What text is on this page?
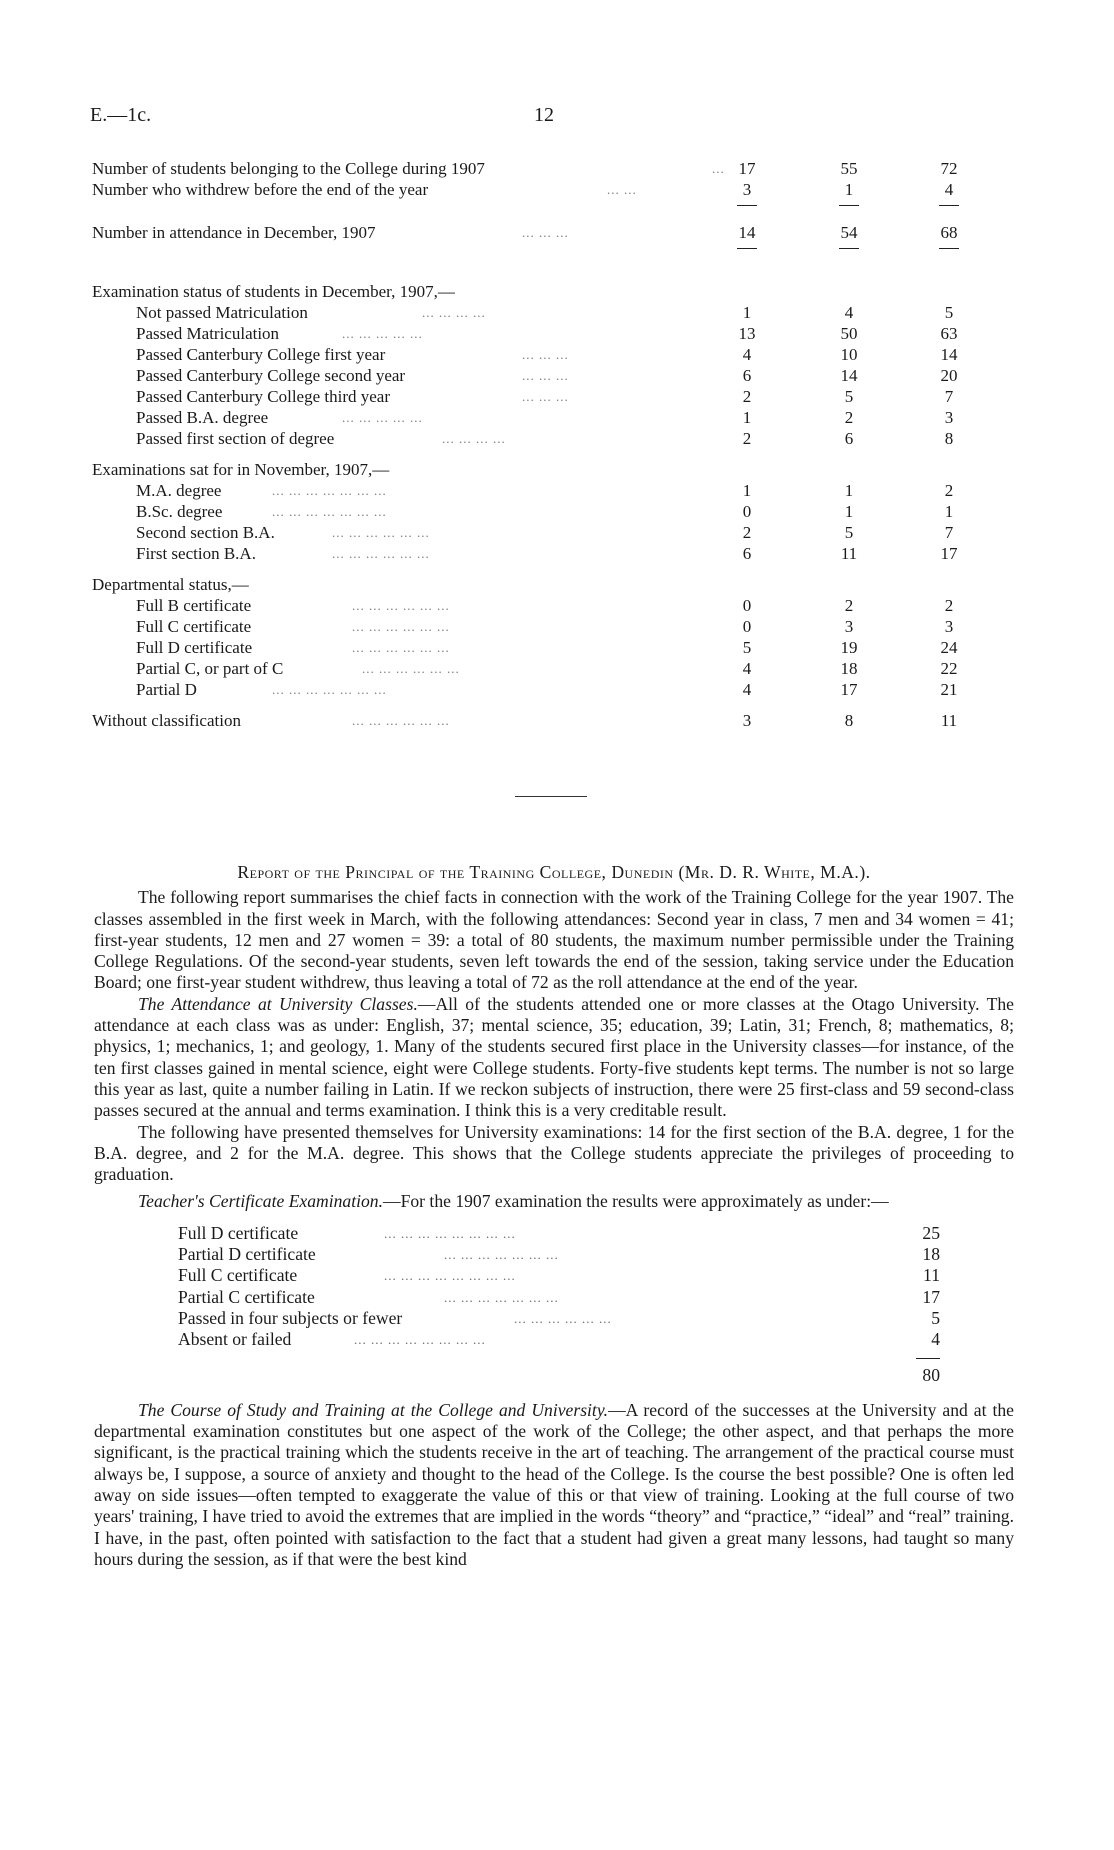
E.—1c.	12
Number of students belonging to the College during 1907	... 17	55	72
Number who withdrew before the end of the year	... ...	3	1	4
Number in attendance in December, 1907	... ... ...	14	54	68
Examination status of students in December, 1907,—
Not passed Matriculation	... ... ... ...	1	4	5
Passed Matriculation	... ... ... ... ...	13	50	63
Passed Canterbury College first year	... ... ...	4	10	14
Passed Canterbury College second year	... ... ...	6	14	20
Passed Canterbury College third year	... ... ...	2	5	7
Passed B.A. degree	... ... ... ... ...	1	2	3
Passed first section of degree	... ... ... ...	2	6	8
Examinations sat for in November, 1907,—
M.A. degree	... ... ... ... ... ... ...	1	1	2
B.Sc. degree	... ... ... ... ... ... ...	0	1	1
Second section B.A.	... ... ... ... ... ...	2	5	7
First section B.A.	... ... ... ... ... ...	6	11	17
Departmental status,—
Full B certificate	... ... ... ... ... ...	0	2	2
Full C certificate	... ... ... ... ... ...	0	3	3
Full D certificate	... ... ... ... ... ...	5	19	24
Partial C, or part of C	... ... ... ... ... ...	4	18	22
Partial D	... ... ... ... ... ... ...	4	17	21
Without classification	... ... ... ... ... ...	3	8	11

Report of the Principal of the Training College, Dunedin (Mr. D. R. White, M.A.).

The following report summarises the chief facts in connection with the work of the Training College for the year 1907. The classes assembled in the first week in March, with the following attendances: Second year in class, 7 men and 34 women = 41; first-year students, 12 men and 27 women = 39: a total of 80 students, the maximum number permissible under the Training College Regulations. Of the second-year students, seven left towards the end of the session, taking service under the Education Board; one first-year student withdrew, thus leaving a total of 72 as the roll attendance at the end of the year.

The Attendance at University Classes.—All of the students attended one or more classes at the Otago University. The attendance at each class was as under: English, 37; mental science, 35; education, 39; Latin, 31; French, 8; mathematics, 8; physics, 1; mechanics, 1; and geology, 1. Many of the students secured first place in the University classes—for instance, of the ten first classes gained in mental science, eight were College students. Forty-five students kept terms. The number is not so large this year as last, quite a number failing in Latin. If we reckon subjects of instruction, there were 25 first-class and 59 second-class passes secured at the annual and terms examination. I think this is a very creditable result.

The following have presented themselves for University examinations: 14 for the first section of the B.A. degree, 1 for the B.A. degree, and 2 for the M.A. degree. This shows that the College students appreciate the privileges of proceeding to graduation.

Teacher's Certificate Examination.—For the 1907 examination the results were approximately as under:—

Full D certificate	... ... ... ... ... ... ... ...	25
Partial D certificate	... ... ... ... ... ... ...	18
Full C certificate	... ... ... ... ... ... ... ...	11
Partial C certificate	... ... ... ... ... ... ...	17
Passed in four subjects or fewer	... ... ... ... ... ...	5
Absent or failed	... ... ... ... ... ... ... ...	4
80

The Course of Study and Training at the College and University.—A record of the successes at the University and at the departmental examination constitutes but one aspect of the work of the College; the other aspect, and that perhaps the more significant, is the practical training which the students receive in the art of teaching. The arrangement of the practical course must always be, I suppose, a source of anxiety and thought to the head of the College. Is the course the best possible? One is often led away on side issues—often tempted to exaggerate the value of this or that view of training. Looking at the full course of two years' training, I have tried to avoid the extremes that are implied in the words “theory” and “practice,” “ideal” and “real” training. I have, in the past, often pointed with satisfaction to the fact that a student had given a great many lessons, had taught so many hours during the session, as if that were the best kind
